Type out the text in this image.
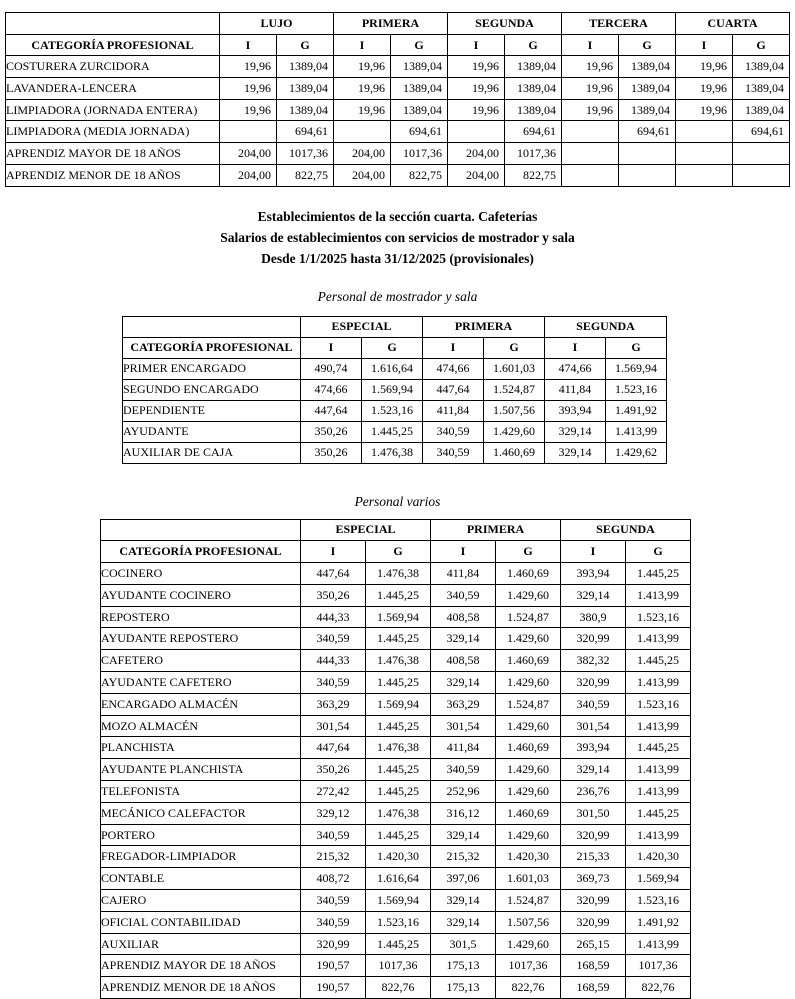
	LUJO		PRIMERA		SEGUNDA		TERCERA		CUARTA	
CATEGORÍA PROFESIONAL	I	G	I	G	I	G	I	G	I	G
COSTURERA ZURCIDORA	19,96	1389,04	19,96	1389,04	19,96	1389,04	19,96	1389,04	19,96	1389,04
LAVANDERA-LENCERA	19,96	1389,04	19,96	1389,04	19,96	1389,04	19,96	1389,04	19,96	1389,04
LIMPIADORA (JORNADA ENTERA)	19,96	1389,04	19,96	1389,04	19,96	1389,04	19,96	1389,04	19,96	1389,04
LIMPIADORA (MEDIA JORNADA)		694,61		694,61		694,61		694,61		694,61
APRENDIZ MAYOR DE 18 AÑOS	204,00	1017,36	204,00	1017,36	204,00	1017,36				
APRENDIZ MENOR DE 18 AÑOS	204,00	822,75	204,00	822,75	204,00	822,75				
Establecimientos de la sección cuarta. Cafeterías
Salarios de establecimientos con servicios de mostrador y sala
Desde 1/1/2025 hasta 31/12/2025 (provisionales)
Personal de mostrador y sala
	ESPECIAL		PRIMERA		SEGUNDA	
CATEGORÍA PROFESIONAL	I	G	I	G	I	G
PRIMER ENCARGADO	490,74	1.616,64	474,66	1.601,03	474,66	1.569,94
SEGUNDO ENCARGADO	474,66	1.569,94	447,64	1.524,87	411,84	1.523,16
DEPENDIENTE	447,64	1.523,16	411,84	1.507,56	393,94	1.491,92
AYUDANTE	350,26	1.445,25	340,59	1.429,60	329,14	1.413,99
AUXILIAR DE CAJA	350,26	1.476,38	340,59	1.460,69	329,14	1.429,62
Personal varios
	ESPECIAL		PRIMERA		SEGUNDA	
CATEGORÍA PROFESIONAL	I	G	I	G	I	G
COCINERO	447,64	1.476,38	411,84	1.460,69	393,94	1.445,25
AYUDANTE COCINERO	350,26	1.445,25	340,59	1.429,60	329,14	1.413,99
REPOSTERO	444,33	1.569,94	408,58	1.524,87	380,9	1.523,16
AYUDANTE REPOSTERO	340,59	1.445,25	329,14	1.429,60	320,99	1.413,99
CAFETERO	444,33	1.476,38	408,58	1.460,69	382,32	1.445,25
AYUDANTE CAFETERO	340,59	1.445,25	329,14	1.429,60	320,99	1.413,99
ENCARGADO ALMACÉN	363,29	1.569,94	363,29	1.524,87	340,59	1.523,16
MOZO ALMACÉN	301,54	1.445,25	301,54	1.429,60	301,54	1.413,99
PLANCHISTA	447,64	1.476,38	411,84	1.460,69	393,94	1.445,25
AYUDANTE PLANCHISTA	350,26	1.445,25	340,59	1.429,60	329,14	1.413,99
TELEFONISTA	272,42	1.445,25	252,96	1.429,60	236,76	1.413,99
MECÁNICO CALEFACTOR	329,12	1.476,38	316,12	1.460,69	301,50	1.445,25
PORTERO	340,59	1.445,25	329,14	1.429,60	320,99	1.413,99
FREGADOR-LIMPIADOR	215,32	1.420,30	215,32	1.420,30	215,33	1.420,30
CONTABLE	408,72	1.616,64	397,06	1.601,03	369,73	1.569,94
CAJERO	340,59	1.569,94	329,14	1.524,87	320,99	1.523,16
OFICIAL CONTABILIDAD	340,59	1.523,16	329,14	1.507,56	320,99	1.491,92
AUXILIAR	320,99	1.445,25	301,5	1.429,60	265,15	1.413,99
APRENDIZ MAYOR DE 18 AÑOS	190,57	1017,36	175,13	1017,36	168,59	1017,36
APRENDIZ MENOR DE 18 AÑOS	190,57	822,76	175,13	822,76	168,59	822,76
